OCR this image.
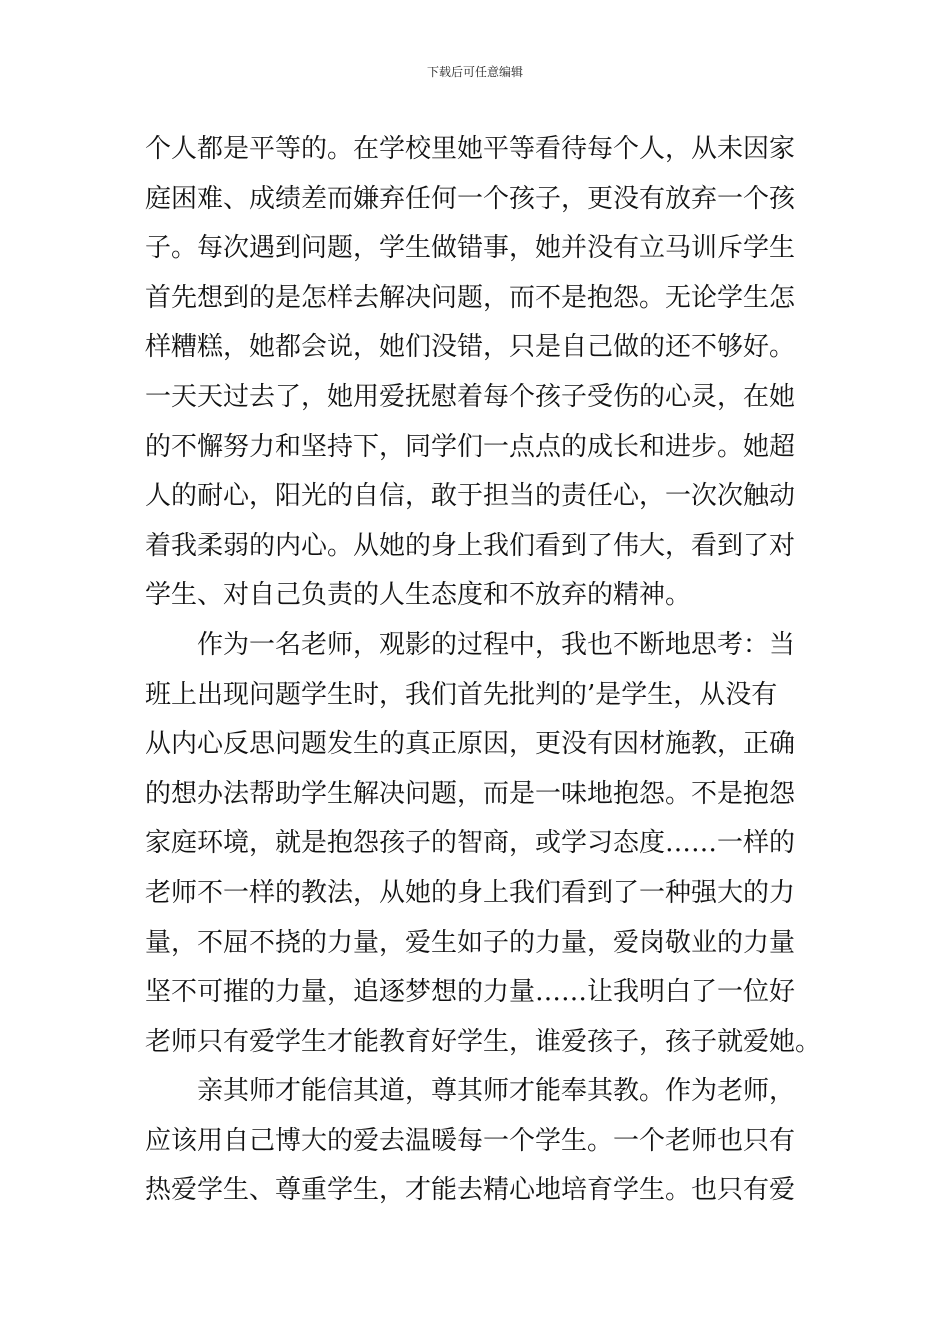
下载后可任意编辑
个人都是平等的。在学校里她平等看待每个人，从未因家
庭困难、成绩差而嫌弃任何一个孩子，更没有放弃一个孩
子。每次遇到问题，学生做错事，她并没有立马训斥学生
首先想到的是怎样去解决问题，而不是抱怨。无论学生怎
样糟糕，她都会说，她们没错，只是自己做的还不够好。
一天天过去了，她用爱抚慰着每个孩子受伤的心灵，在她
的不懈努力和坚持下，同学们一点点的成长和进步。她超
人的耐心，阳光的自信，敢于担当的责任心，一次次触动
着我柔弱的内心。从她的身上我们看到了伟大，看到了对
学生、对自己负责的人生态度和不放弃的精神。
作为一名老师，观影的过程中，我也不断地思考：当
班上出现问题学生时，我们首先批判的’是学生，从没有
从内心反思问题发生的真正原因，更没有因材施教，正确
的想办法帮助学生解决问题，而是一味地抱怨。不是抱怨
家庭环境，就是抱怨孩子的智商，或学习态度……一样的
老师不一样的教法，从她的身上我们看到了一种强大的力
量，不屈不挠的力量，爱生如子的力量，爱岗敬业的力量
坚不可摧的力量，追逐梦想的力量……让我明白了一位好
老师只有爱学生才能教育好学生，谁爱孩子，孩子就爱她。
亲其师才能信其道，尊其师才能奉其教。作为老师，
应该用自己博大的爱去温暖每一个学生。一个老师也只有
热爱学生、尊重学生，才能去精心地培育学生。也只有爱
